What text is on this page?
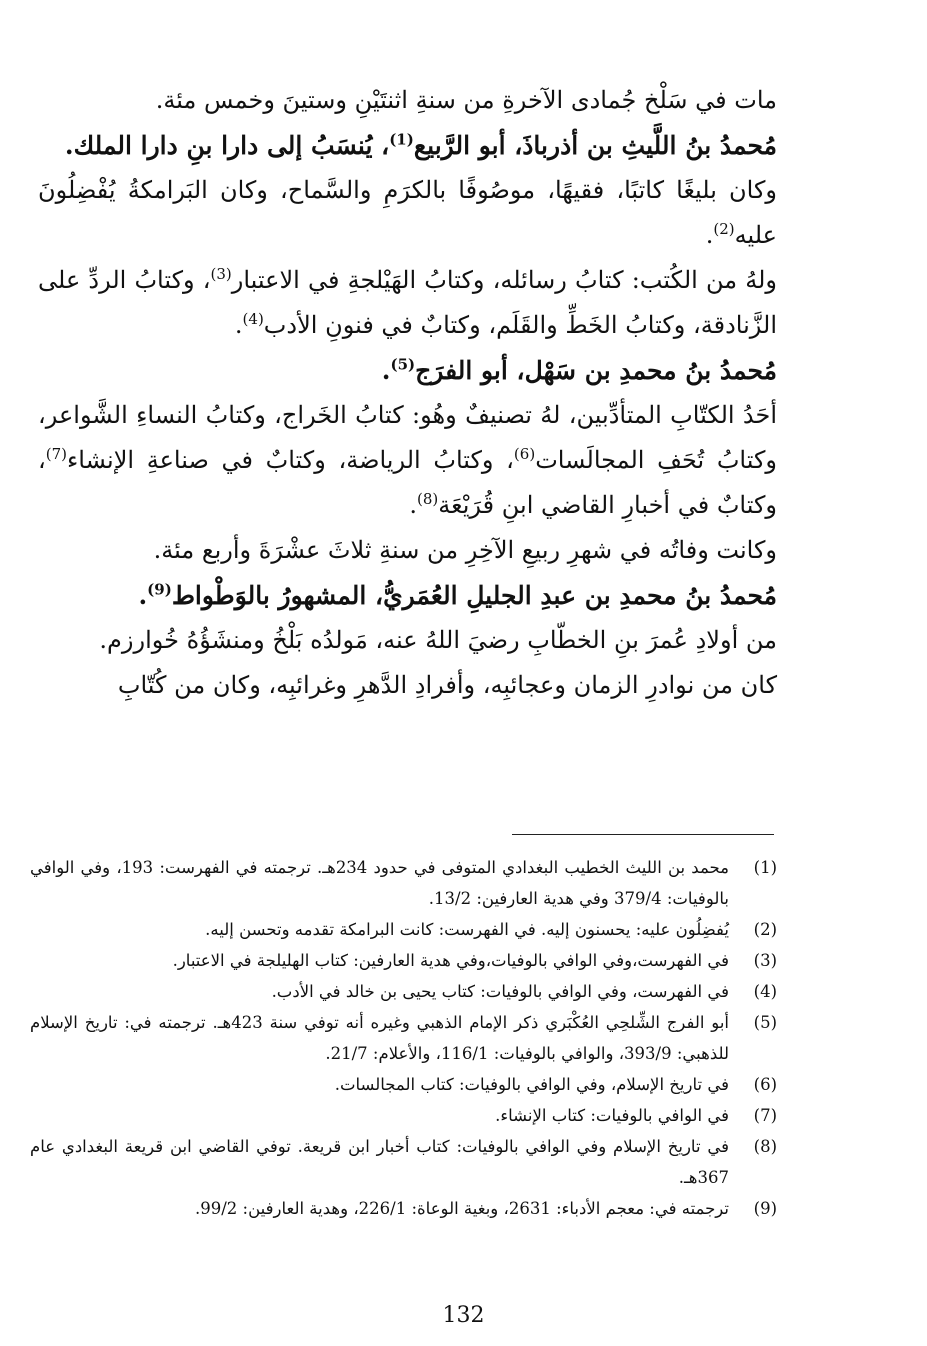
مات في سَلْخ جُمادى الآخرةِ من سنةِ اثنتَيْنِ وستينَ وخمس مئة.

مُحمدُ بنُ اللَّيثِ بن أذرباذَ، أبو الرَّبيع$^{(1)}$، يُنسَبُ إلى دارا بنِ دارا الملك.

وكان بليغًا كاتبًا، فقيهًا، موصُوفًا بالكرَمِ والسَّماح، وكان البَرامكةُ يُفْضِلُونَ عليه$^{(2)}$.

ولهُ من الكُتب: كتابُ رسائله، وكتابُ الهَيْلجةِ في الاعتبار$^{(3)}$، وكتابُ الردِّ على الزَّنادقة، وكتابُ الخَطِّ والقَلَم، وكتابٌ في فنونِ الأدب$^{(4)}$.

مُحمدُ بنُ محمدِ بن سَهْل، أبو الفرَج$^{(5)}$.

أحَدُ الكتّابِ المتأدِّبين، لهُ تصنيفٌ وهُو: كتابُ الخَراج، وكتابُ النساءِ الشَّواعر، وكتابُ تُحَفِ المجالَسات$^{(6)}$، وكتابُ الرياضة، وكتابٌ في صناعةِ الإنشاء$^{(7)}$، وكتابٌ في أخبارِ القاضي ابنِ قُرَيْعَة$^{(8)}$.

وكانت وفاتُه في شهرِ ربيعِ الآخِرِ من سنةِ ثلاثَ عشْرَةَ وأربع مئة.

مُحمدُ بنُ محمدِ بن عبدِ الجليلِ العُمَريُّ، المشهورُ بالوَطْواط$^{(9)}$.

من أولادِ عُمرَ بنِ الخطّابِ رضيَ اللهُ عنه، مَولدُه بَلْخُ ومنشَؤُهُ خُوارزم.

كان من نوادرِ الزمان وعجائبِه، وأفرادِ الدَّهرِ وغرائبِه، وكان من كُتّابِ

(1)
محمد بن الليث الخطيب البغدادي المتوفى في حدود 234هـ. ترجمته في الفهرست: 193، وفي الوافي بالوفيات: 379/4 وفي هدية العارفين: 13/2.
(2)
يُفضِلُون عليه: يحسنون إليه. في الفهرست: كانت البرامكة تقدمه وتحسن إليه.
(3)
في الفهرست،وفي الوافي بالوفيات،وفي هدية العارفين: كتاب الهليلجة في الاعتبار.
(4)
في الفهرست، وفي الوافي بالوفيات: كتاب يحيى بن خالد في الأدب.
(5)
أبو الفرج الشِّلحِي العُكْبَري ذكر الإمام الذهبي وغيره أنه توفي سنة 423هـ. ترجمته في: تاريخ الإسلام للذهبي: 393/9، والوافي بالوفيات: 116/1، والأعلام: 21/7.
(6)
في تاريخ الإسلام، وفي الوافي بالوفيات: كتاب المجالسات.
(7)
في الوافي بالوفيات: كتاب الإنشاء.
(8)
في تاريخ الإسلام وفي الوافي بالوفيات: كتاب أخبار ابن قريعة. توفي القاضي ابن قريعة البغدادي عام 367هـ.
(9)
ترجمته في: معجم الأدباء: 2631، وبغية الوعاة: 226/1، وهدية العارفين: 99/2.
132
